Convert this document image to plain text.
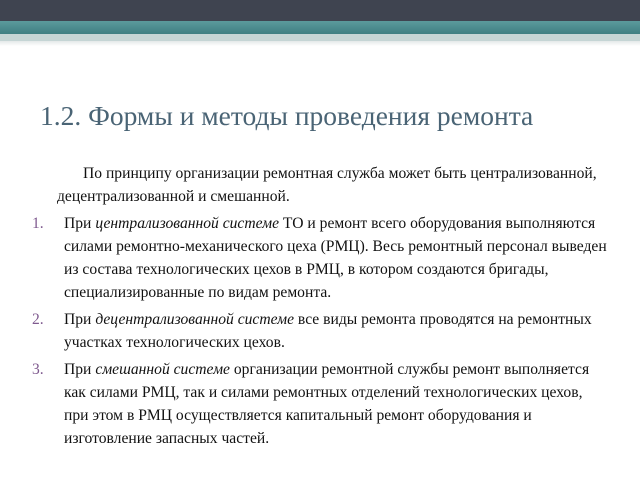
1.2. Формы и методы проведения ремонта

По принципу организации ремонтная служба может быть централизованной, децентрализованной и смешанной.

1. При централизованной системе ТО и ремонт всего оборудования выполняются силами ремонтно-механического цеха (РМЦ). Весь ремонтный персонал выведен из состава технологических цехов в РМЦ, в котором создаются бригады, специализированные по видам ремонта.
2. При децентрализованной системе все виды ремонта проводятся на ремонтных участках технологических цехов.
3. При смешанной системе организации ремонтной службы ремонт выполняется как силами РМЦ, так и силами ремонтных отделений технологических цехов, при этом в РМЦ осуществляется капитальный ремонт оборудования и изготовление запасных частей.
